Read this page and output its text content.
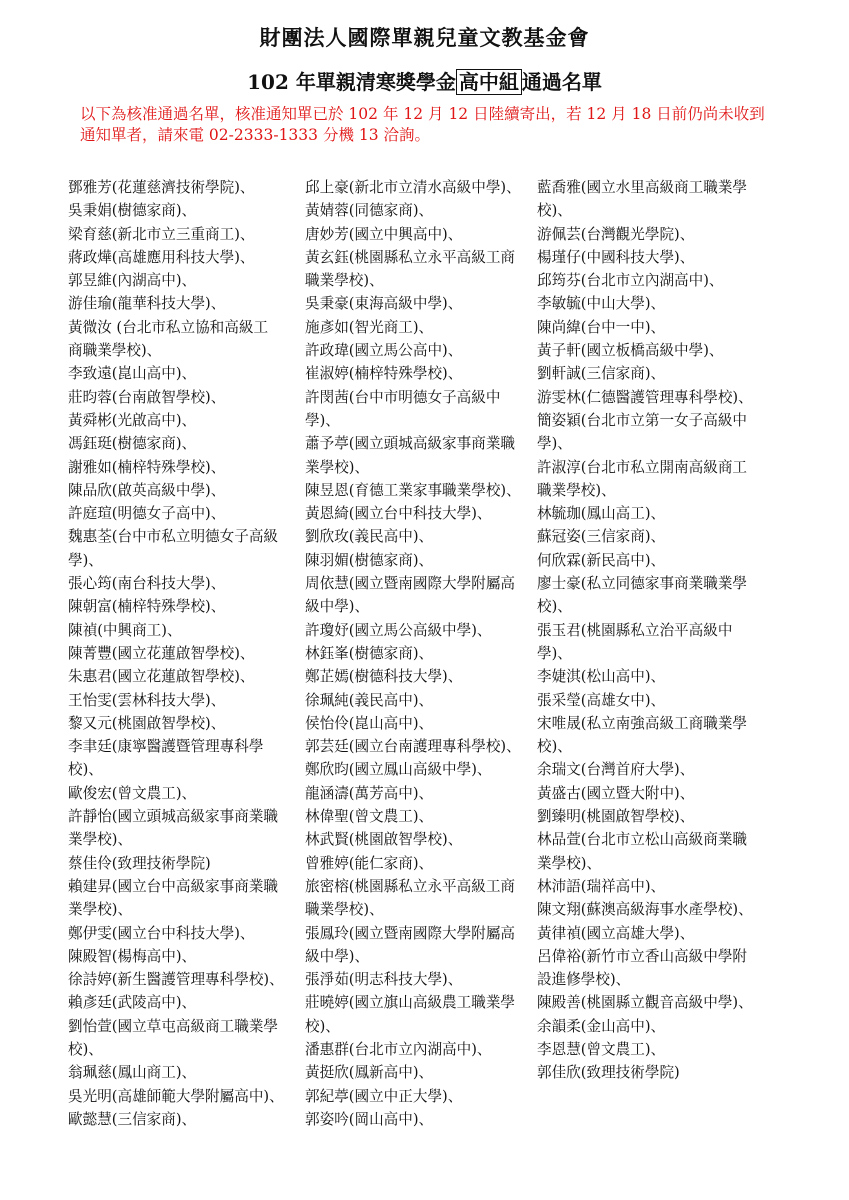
財團法人國際單親兒童文教基金會
102 年單親清寒獎學金 高中組 通過名單
以下為核准通過名單，核准通知單已於 102 年 12 月 12 日陸續寄出，若 12 月 18 日前仍尚未收到通知單者，請來電 02-2333-1333 分機 13 洽詢。
鄧雅芳(花蓮慈濟技術學院)、
吳秉娟(樹德家商)、
梁育慈(新北市立三重商工)、
蔣政燁(高雄應用科技大學)、
郭昱維(內湖高中)、
游佳瑜(龍華科技大學)、
黃微汝 (台北市私立協和高級工
商職業學校)、
李致遠(崑山高中)、
莊昀蓉(台南啟智學校)、
黃舜彬(光啟高中)、
馮鈺珽(樹德家商)、
謝雅如(楠梓特殊學校)、
陳品欣(啟英高級中學)、
許庭瑄(明德女子高中)、
魏惠荃(台中市私立明德女子高級
學)、
張心筠(南台科技大學)、
陳朝富(楠梓特殊學校)、
陳禎(中興商工)、
陳菁豐(國立花蓮啟智學校)、
朱惠君(國立花蓮啟智學校)、
王怡雯(雲林科技大學)、
黎又元(桃園啟智學校)、
李聿廷(康寧醫護暨管理專科學
校)、
歐俊宏(曾文農工)、
許靜怡(國立頭城高級家事商業職
業學校)、
蔡佳伶(致理技術學院)
賴建昇(國立台中高級家事商業職
業學校)、
鄭伊雯(國立台中科技大學)、
陳殿智(楊梅高中)、
徐詩婷(新生醫護管理專科學校)、
賴彥廷(武陵高中)、
劉怡萱(國立草屯高級商工職業學
校)、
翁珮慈(鳳山商工)、
吳光明(高雄師範大學附屬高中)、
歐懿慧(三信家商)、
邱上豪(新北市立清水高級中學)、
黃婧蓉(同德家商)、
唐妙芳(國立中興高中)、
黃玄鈺(桃園縣私立永平高級工商
職業學校)、
吳秉豪(東海高級中學)、
施彥如(智光商工)、
許政瑋(國立馬公高中)、
崔淑婷(楠梓特殊學校)、
許閔茜(台中市明德女子高級中
學)、
蕭予葶(國立頭城高級家事商業職
業學校)、
陳昱恩(育德工業家事職業學校)、
黃恩綺(國立台中科技大學)、
劉欣玫(義民高中)、
陳羽媚(樹德家商)、
周依慧(國立暨南國際大學附屬高
級中學)、
許瓊妤(國立馬公高級中學)、
林鈺峯(樹德家商)、
鄭芷嫣(樹德科技大學)、
徐珮純(義民高中)、
侯怡伶(崑山高中)、
郭芸廷(國立台南護理專科學校)、
鄭欣昀(國立鳳山高級中學)、
龍涵濤(萬芳高中)、
林偉聖(曾文農工)、
林武賢(桃園啟智學校)、
曾雅婷(能仁家商)、
旅密榕(桃園縣私立永平高級工商
職業學校)、
張鳳玲(國立暨南國際大學附屬高
級中學)、
張淨茹(明志科技大學)、
莊曉婷(國立旗山高級農工職業學
校)、
潘惠群(台北市立內湖高中)、
黃挺欣(鳳新高中)、
郭紀葶(國立中正大學)、
郭姿吟(岡山高中)、
藍喬雅(國立水里高級商工職業學
校)、
游佩芸(台灣觀光學院)、
楊瑾仔(中國科技大學)、
邱筠芬(台北市立內湖高中)、
李敏毓(中山大學)、
陳尚緯(台中一中)、
黃子軒(國立板橋高級中學)、
劉軒誠(三信家商)、
游雯林(仁德醫護管理專科學校)、
簡姿穎(台北市立第一女子高級中
學)、
許淑淳(台北市私立開南高級商工
職業學校)、
林毓珈(鳳山高工)、
蘇冠姿(三信家商)、
何欣霖(新民高中)、
廖士豪(私立同德家事商業職業學
校)、
張玉君(桃園縣私立治平高級中
學)、
李婕淇(松山高中)、
張采瑩(高雄女中)、
宋唯晟(私立南強高級工商職業學
校)、
余瑞文(台灣首府大學)、
黃盛古(國立暨大附中)、
劉臻明(桃園啟智學校)、
林品萱(台北市立松山高級商業職
業學校)、
林沛語(瑞祥高中)、
陳文翔(蘇澳高級海事水產學校)、
黃律禎(國立高雄大學)、
呂偉裕(新竹市立香山高級中學附
設進修學校)、
陳殿善(桃園縣立觀音高級中學)、
余韻柔(金山高中)、
李恩慧(曾文農工)、
郭佳欣(致理技術學院)
